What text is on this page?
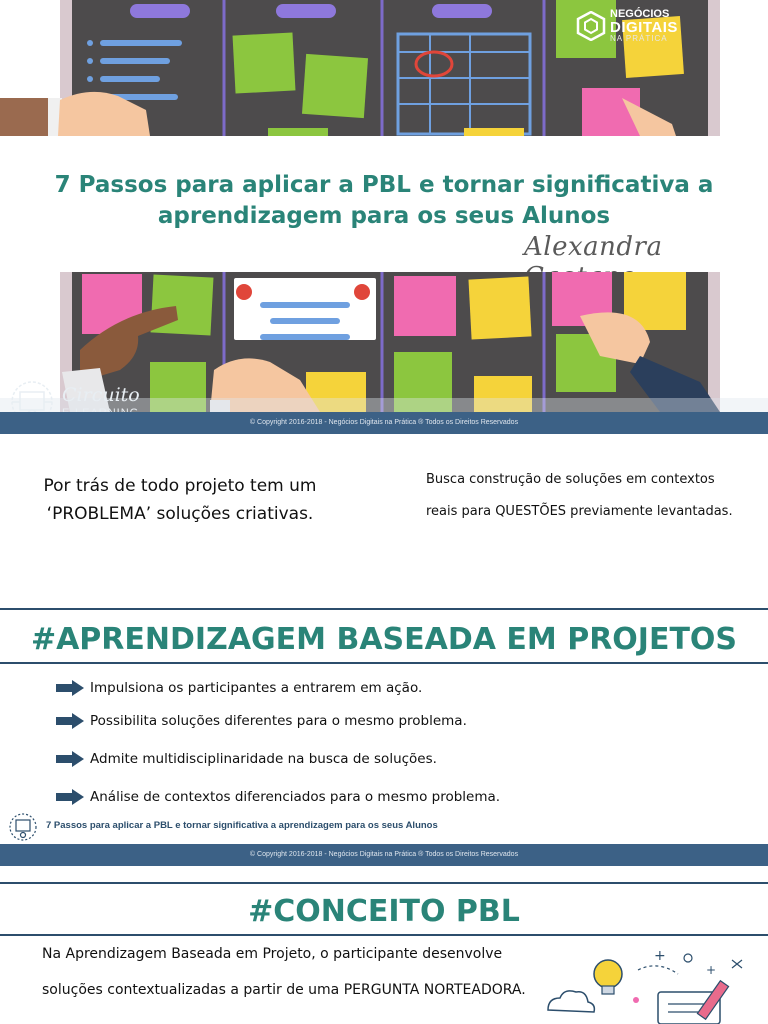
NEGÓCIOS
DIGITAIS
NA PRÁTICA
7 Passos para aplicar a PBL e tornar significativa a
aprendizagem para os seus Alunos
Alexandra
Circuito
© Copyright 2016-2018 - Negócios Digitais na Prática ® Todos os Direitos Reservados
Por trás de todo projeto tem um ‘PROBLEMA’ soluções criativas.
Busca construção de soluções em contextos reais para QUESTÕES previamente levantadas.
#APRENDIZAGEM BASEADA EM PROJETOS
Impulsiona os participantes a entrarem em ação.
Possibilita soluções diferentes para o mesmo problema.
Admite multidisciplinaridade na busca de soluções.
Análise de contextos diferenciados para o mesmo problema.
7 Passos para aplicar a PBL e tornar significativa a aprendizagem para os seus Alunos
© Copyright 2016-2018 - Negócios Digitais na Prática ® Todos os Direitos Reservados
#CONCEITO PBL
Na Aprendizagem Baseada em Projeto, o participante desenvolve soluções contextualizadas a partir de uma PERGUNTA NORTEADORA.
+
+
